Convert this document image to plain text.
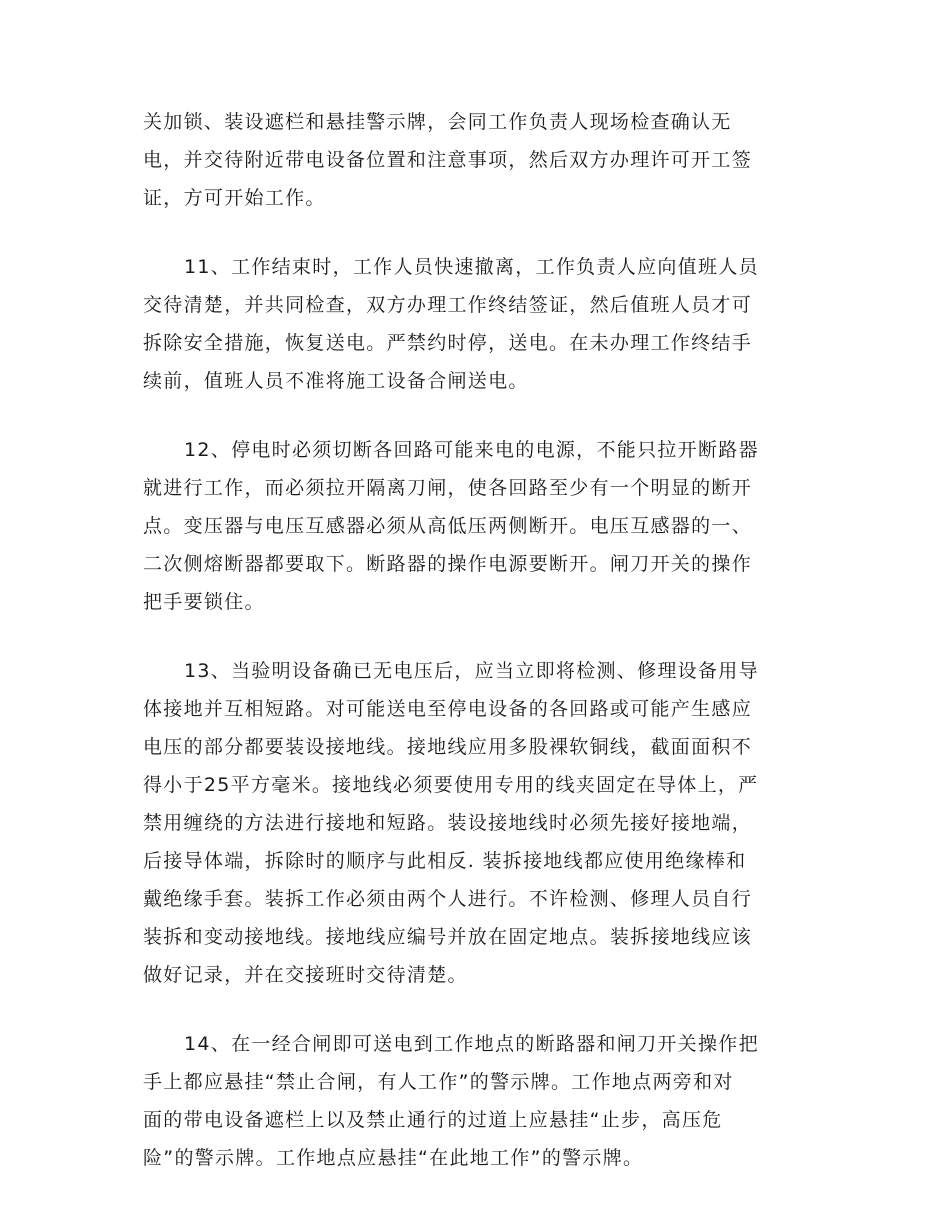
关加锁、装设遮栏和悬挂警示牌，会同工作负责人现场检查确认无
电，并交待附近带电设备位置和注意事项，然后双方办理许可开工签
证，方可开始工作。
11、工作结束时，工作人员快速撤离，工作负责人应向值班人员
交待清楚，并共同检查，双方办理工作终结签证，然后值班人员才可
拆除安全措施，恢复送电。严禁约时停，送电。在未办理工作终结手
续前，值班人员不准将施工设备合闸送电。
12、停电时必须切断各回路可能来电的电源，不能只拉开断路器
就进行工作，而必须拉开隔离刀闸，使各回路至少有一个明显的断开
点。变压器与电压互感器必须从高低压两侧断开。电压互感器的一、
二次侧熔断器都要取下。断路器的操作电源要断开。闸刀开关的操作
把手要锁住。
13、当验明设备确已无电压后，应当立即将检测、修理设备用导
体接地并互相短路。对可能送电至停电设备的各回路或可能产生感应
电压的部分都要装设接地线。接地线应用多股裸软铜线，截面面积不
得小于25平方毫米。接地线必须要使用专用的线夹固定在导体上，严
禁用缠绕的方法进行接地和短路。装设接地线时必须先接好接地端，
后接导体端，拆除时的顺序与此相反. 装拆接地线都应使用绝缘棒和
戴绝缘手套。装拆工作必须由两个人进行。不许检测、修理人员自行
装拆和变动接地线。接地线应编号并放在固定地点。装拆接地线应该
做好记录，并在交接班时交待清楚。
14、在一经合闸即可送电到工作地点的断路器和闸刀开关操作把
手上都应悬挂“禁止合闸，有人工作”的警示牌。工作地点两旁和对
面的带电设备遮栏上以及禁止通行的过道上应悬挂“止步，高压危
险”的警示牌。工作地点应悬挂“在此地工作”的警示牌。
